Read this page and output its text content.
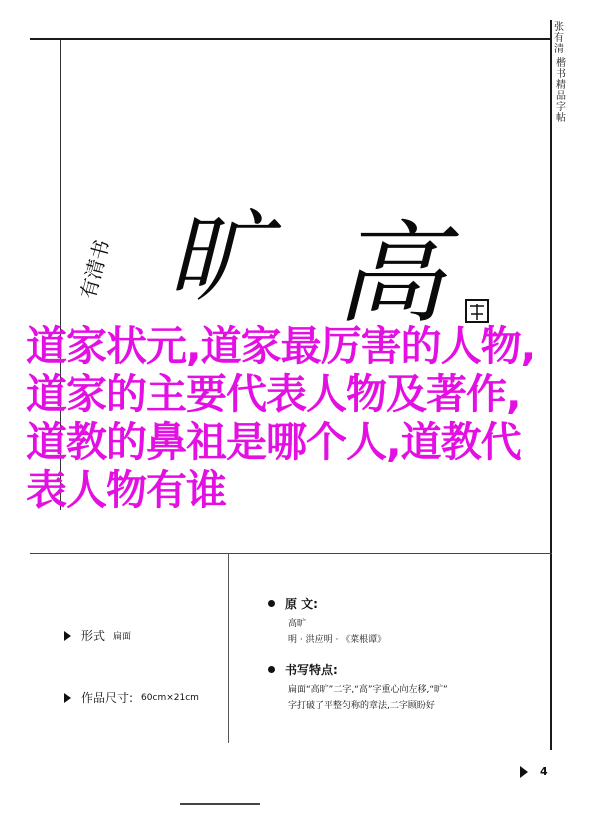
张有清
楷
书
精
品
字
帖
有清书 旷 高
道家状元,道家最厉害的人物,道家的主要代表人物及著作,道教的鼻祖是哪个人,道教代表人物有谁
形式 扁面
作品尺寸: 60cm×21cm
原 文:
高旷
明 · 洪应明 · 《菜根谭》
书写特点:
扁面“高旷”二字,“高”字重心向左移,“旷”
字打破了平整匀称的章法,二字顾盼好
4
